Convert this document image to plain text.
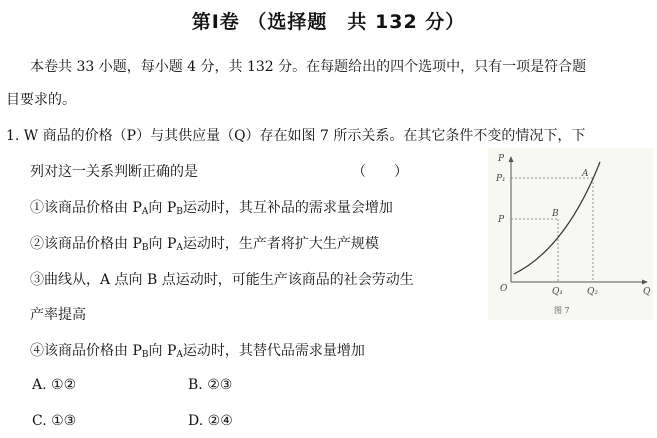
第Ⅰ卷 （选择题　共 132 分）
本卷共 33 小题，每小题 4 分，共 132 分。在每题给出的四个选项中，只有一项是符合题
目要求的。
1. W 商品的价格（P）与其供应量（Q）存在如图 7 所示关系。在其它条件不变的情况下，下
列对这一关系判断正确的是	（　　）
①该商品价格由 $P_A$向 $P_B$运动时，其互补品的需求量会增加
②该商品价格由 $P_B$向 $P_A$运动时，生产者将扩大生产规模
③曲线从，A 点向 B 点运动时，可能生产该商品的社会劳动生
产率提高
④该商品价格由 $P_B$向 $P_A$运动时，其替代品需求量增加
A. ①②	B. ②③
C. ①③	D. ②④
P
Q
O
P₁
P
Q₁	Q₂
A
B
图 7
